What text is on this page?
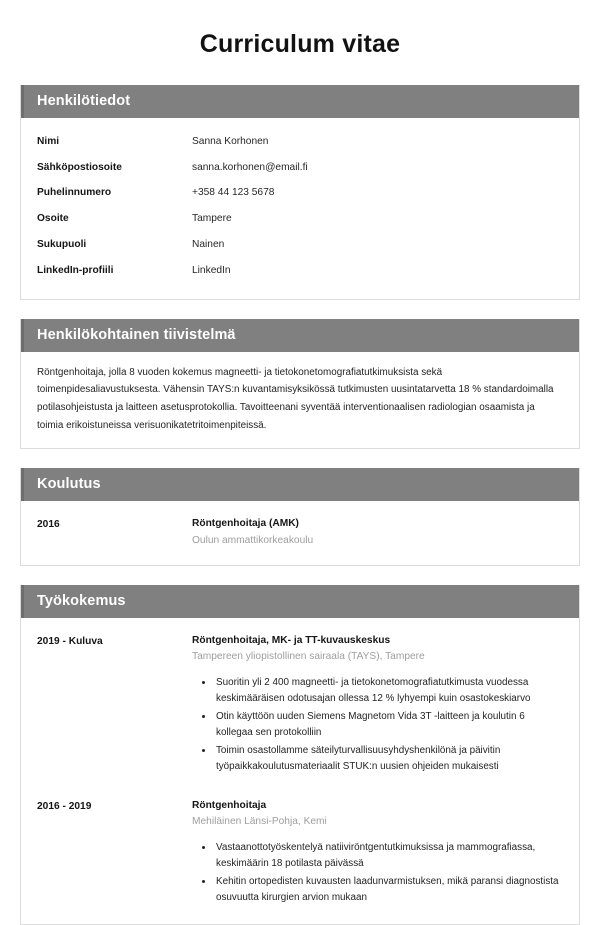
Curriculum vitae
Henkilötiedot
Nimi	Sanna Korhonen
Sähköpostiosoite	sanna.korhonen@email.fi
Puhelinnumero	+358 44 123 5678
Osoite	Tampere
Sukupuoli	Nainen
LinkedIn-profiili	LinkedIn
Henkilökohtainen tiivistelmä

Röntgenhoitaja, jolla 8 vuoden kokemus magneetti- ja tietokonetomografiatutkimuksista sekä toimenpidesaliavustuksesta. Vähensin TAYS:n kuvantamisyksikössä tutkimusten uusintatarvetta 18 % standardoimalla potilasohjeistusta ja laitteen asetusprotokollia. Tavoitteenani syventää interventionaalisen radiologian osaamista ja toimia erikoistuneissa verisuonikatetritoimenpiteissä.

Koulutus
2016	Röntgenhoitaja (AMK)
Oulun ammattikorkeakoulu
Työkokemus
2019 - Kuluva	Röntgenhoitaja, MK- ja TT-kuvauskeskus
Tampereen yliopistollinen sairaala (TAYS), Tampere
• Suoritin yli 2 400 magneetti- ja tietokonetomografiatutkimusta vuodessa keskimääräisen odotusajan ollessa 12 % lyhyempi kuin osastokeskiarvo
• Otin käyttöön uuden Siemens Magnetom Vida 3T -laitteen ja koulutin 6 kollegaa sen protokolliin
• Toimin osastollamme säteilyturvallisuusyhdyshenkilönä ja päivitin työpaikkakoulutusmateriaalit STUK:n uusien ohjeiden mukaisesti
2016 - 2019	Röntgenhoitaja
Mehiläinen Länsi-Pohja, Kemi
• Vastaanottotyöskentelyä natiiviröntgentutkimuksissa ja mammografiassa, keskimäärin 18 potilasta päivässä
• Kehitin ortopedisten kuvausten laadunvarmistuksen, mikä paransi diagnostista osuvuutta kirurgien arvion mukaan
